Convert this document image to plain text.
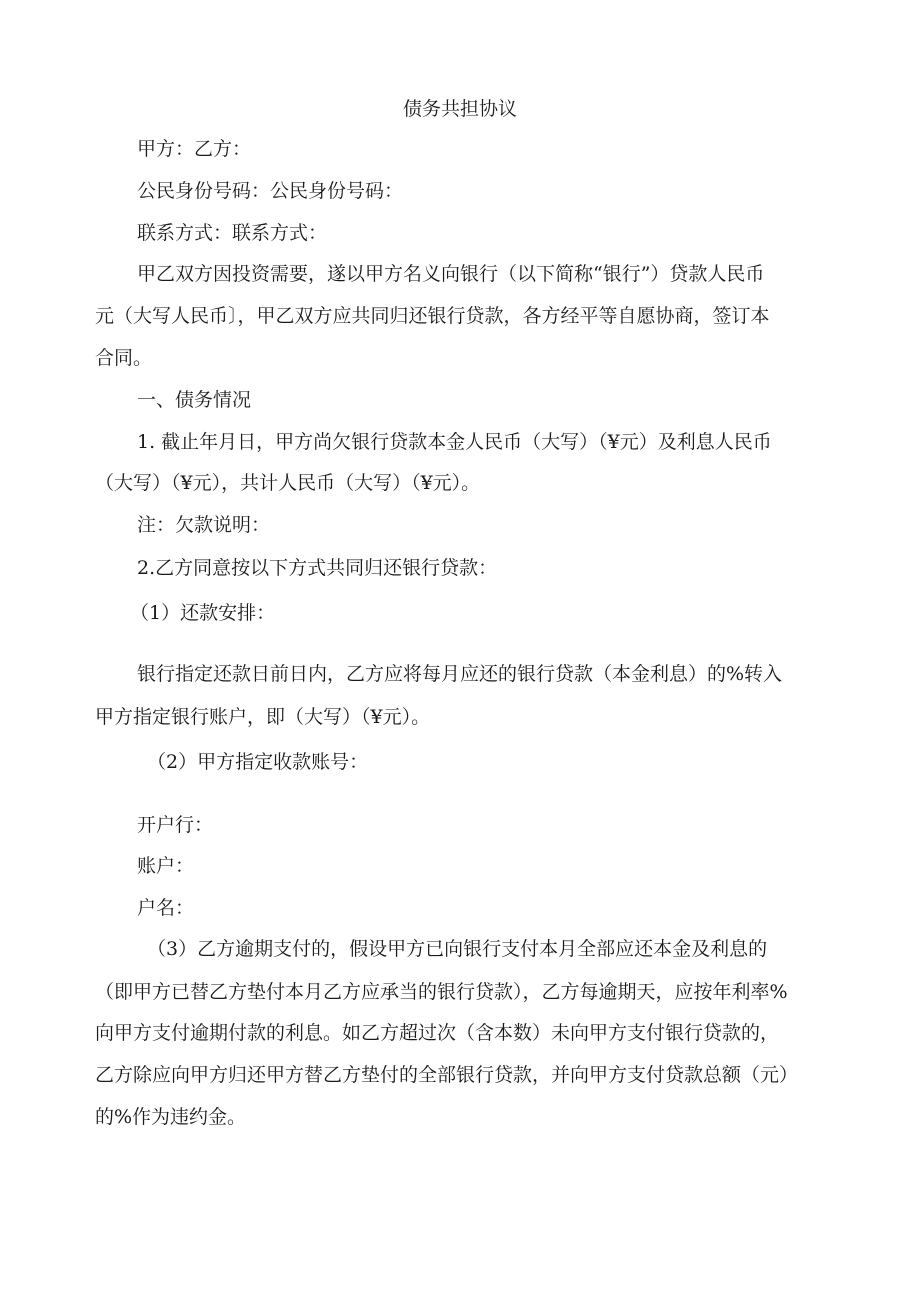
债务共担协议
甲方：乙方：
公民身份号码：公民身份号码：
联系方式：联系方式：
甲乙双方因投资需要，遂以甲方名义向银行（以下简称“银行”）贷款人民币
元（大写人民币〕，甲乙双方应共同归还银行贷款，各方经平等自愿协商，签订本
合同。
一、债务情况
1. 截止年月日，甲方尚欠银行贷款本金人民币（大写）（¥元）及利息人民币
（大写）（¥元），共计人民币（大写）（¥元）。
注：欠款说明：
2.乙方同意按以下方式共同归还银行贷款：
（1）还款安排：
银行指定还款日前日内，乙方应将每月应还的银行贷款（本金利息）的%转入
甲方指定银行账户，即（大写）（¥元）。
（2）甲方指定收款账号：
开户行：
账户：
户名：
（3）乙方逾期支付的，假设甲方已向银行支付本月全部应还本金及利息的
（即甲方已替乙方垫付本月乙方应承当的银行贷款），乙方每逾期天，应按年利率%
向甲方支付逾期付款的利息。如乙方超过次（含本数）未向甲方支付银行贷款的，
乙方除应向甲方归还甲方替乙方垫付的全部银行贷款，并向甲方支付贷款总额（元）
的%作为违约金。
